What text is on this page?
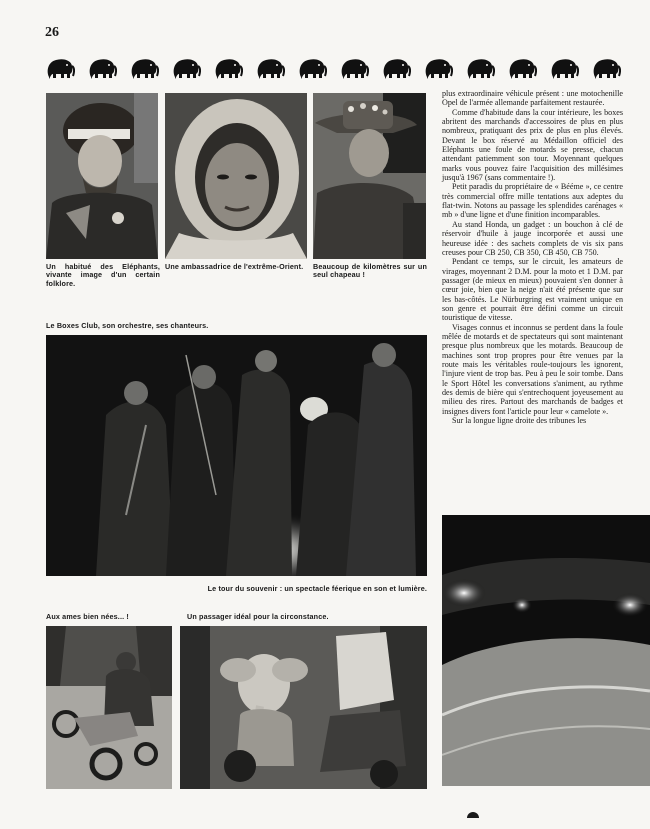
26
Un habitué des Eléphants, vivante image d'un certain folklore.
Une ambassadrice de l'extrême-Orient.	Beaucoup de kilomètres sur un seul chapeau !
Le Boxes Club, son orchestre, ses chanteurs.
Le tour du souvenir : un spectacle féerique en son et lumière.
Aux ames bien nées... !	Un passager idéal pour la circonstance.

plus extraordinaire véhicule présent : une motochenille Opel de l'armée allemande parfaitement restaurée.

Comme d'habitude dans la cour intérieure, les boxes abritent des marchands d'accessoires de plus en plus nombreux, pratiquant des prix de plus en plus élevés. Devant le box réservé au Médaillon officiel des Eléphants une foule de motards se presse, chacun attendant patiemment son tour. Moyennant quelques marks vous pouvez faire l'acquisition des millésimes jusqu'à 1967 (sans commentaire !).

Petit paradis du propriétaire de « Bééme », ce centre très commercial offre mille tentations aux adeptes du flat-twin. Notons au passage les splendides carénages « mb » d'une ligne et d'une finition incomparables.

Au stand Honda, un gadget : un bouchon à clé de réservoir d'huile à jauge incorporée et aussi une heureuse idée : des sachets complets de vis six pans creuses pour CB 250, CB 350, CB 450, CB 750.

Pendant ce temps, sur le circuit, les amateurs de virages, moyennant 2 D.M. pour la moto et 1 D.M. par passager (de mieux en mieux) pouvaient s'en donner à cœur joie, bien que la neige n'ait été présente que sur les bas-côtés. Le Nürburgring est vraiment unique en son genre et pourrait être défini comme un circuit touristique de vitesse.

Visages connus et inconnus se perdent dans la foule mêlée de motards et de spectateurs qui sont maintenant presque plus nombreux que les motards. Beaucoup de machines sont trop propres pour être venues par la route mais les véritables roule-toujours les ignorent, l'injure vient de trop bas. Peu à peu le soir tombe. Dans le Sport Hôtel les conversations s'animent, au rythme des demis de bière qui s'entrechoquent joyeusement au milieu des rires. Partout des marchands de badges et insignes divers font l'article pour leur « camelote ».

Sur la longue ligne droite des tribunes les
